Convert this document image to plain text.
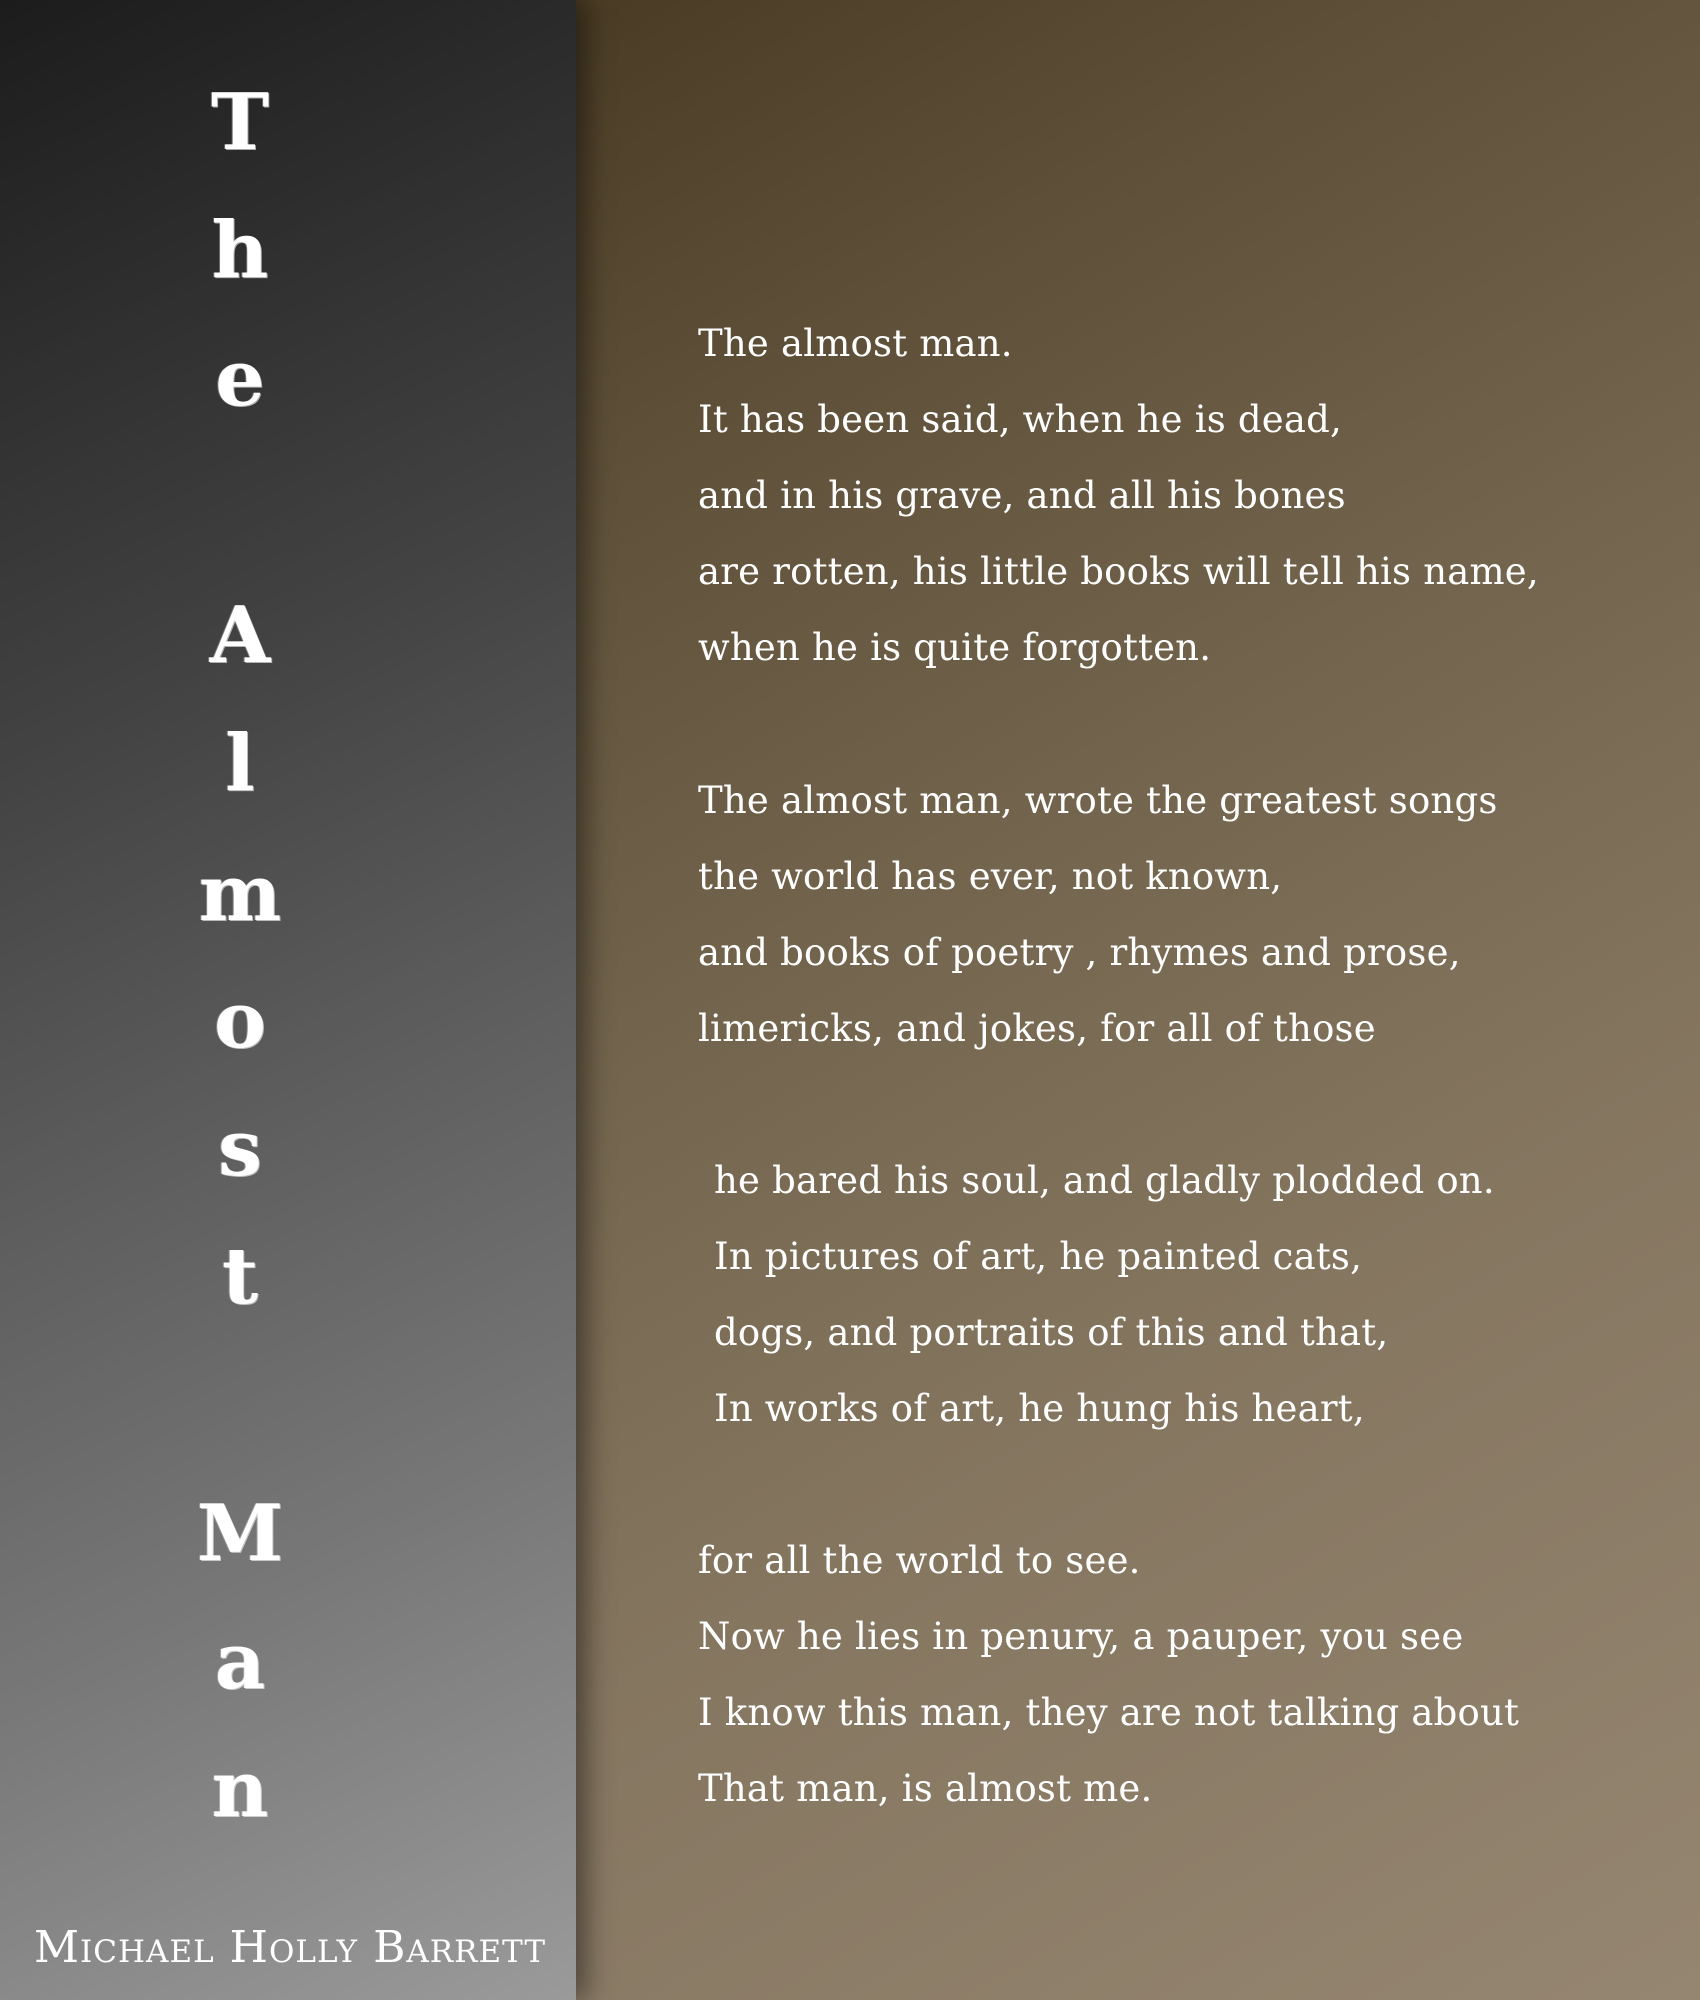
T
h
e
A
l
m
o
s
t
M
a
n
The almost man.
It has been said, when he is dead,
and in his grave, and all his bones
are rotten, his little books will tell his name,
when he is quite forgotten.
The almost man, wrote the greatest songs
the world has ever, not known,
and books of poetry , rhymes and prose,
limericks, and jokes, for all of those
he bared his soul, and gladly plodded on.
In pictures of art, he painted cats,
dogs, and portraits of this and that,
In works of art, he hung his heart,
for all the world to see.
Now he lies in penury, a pauper, you see
I know this man, they are not talking about
That man, is almost me.
Michael Holly Barrett
